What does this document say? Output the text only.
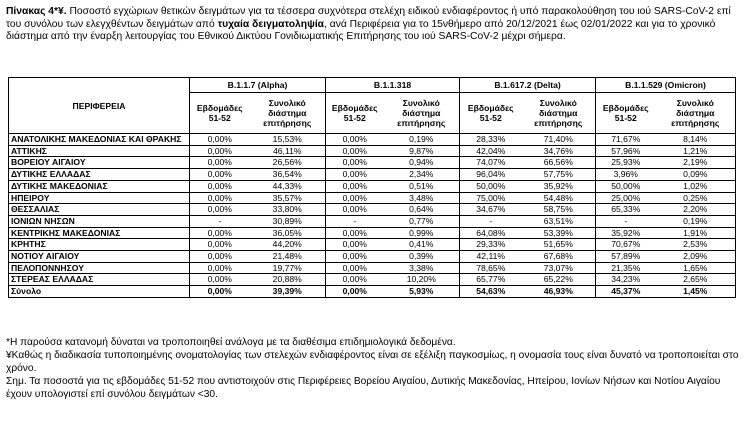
Πίνακας 4*¥. Ποσοστό εγχώριων θετικών δειγμάτων για τα τέσσερα συχνότερα στελέχη ειδικού ενδιαφέροντος ή υπό παρακολούθηση του ιού SARS-CoV-2 επί του συνόλου των ελεγχθέντων δειγμάτων από τυχαία δειγματοληψία, ανά Περιφέρεια για το 15νθήμερο από 20/12/2021 έως 02/01/2022 και για το χρονικό διάστημα από την έναρξη λειτουργίας του Εθνικού Δικτύου Γονιδιωματικής Επιτήρησης του ιού SARS-CoV-2 μέχρι σήμερα.
ΠΕΡΙΦΕΡΕΙΑ	B.1.1.7 (Alpha)		B.1.1.318		B.1.617.2 (Delta)		B.1.1.529 (Omicron)	
	Εβδομάδες 51-52	Συνολικό διάστημα επιτήρησης	Εβδομάδες 51-52	Συνολικό διάστημα επιτήρησης	Εβδομάδες 51-52	Συνολικό διάστημα επιτήρησης	Εβδομάδες 51-52	Συνολικό διάστημα επιτήρησης
ΑΝΑΤΟΛΙΚΗΣ ΜΑΚΕΔΟΝΙΑΣ ΚΑΙ ΘΡΑΚΗΣ	0,00%	15,53%	0,00%	0,19%	28,33%	71,40%	71,67%	8,14%
ΑΤΤΙΚΗΣ	0,00%	46,11%	0,00%	9,87%	42,04%	34,76%	57,96%	1,21%
ΒΟΡΕΙΟΥ ΑΙΓΑΙΟΥ	0,00%	26,56%	0,00%	0,94%	74,07%	66,56%	25,93%	2,19%
ΔΥΤΙΚΗΣ ΕΛΛΑΔΑΣ	0,00%	36,54%	0,00%	2,34%	96,04%	57,75%	3,96%	0,09%
ΔΥΤΙΚΗΣ ΜΑΚΕΔΟΝΙΑΣ	0,00%	44,33%	0,00%	0,51%	50,00%	35,92%	50,00%	1,02%
ΗΠΕΙΡΟΥ	0,00%	35,57%	0,00%	3,48%	75,00%	54,48%	25,00%	0,25%
ΘΕΣΣΑΛΙΑΣ	0,00%	33,80%	0,00%	0,64%	34,67%	58,75%	65,33%	2,20%
ΙΟΝΙΩΝ ΝΗΣΩΝ	-	30,89%	-	0,77%	-	63,51%	-	0,19%
ΚΕΝΤΡΙΚΗΣ ΜΑΚΕΔΟΝΙΑΣ	0,00%	36,05%	0,00%	0,99%	64,08%	53,39%	35,92%	1,91%
ΚΡΗΤΗΣ	0,00%	44,20%	0,00%	0,41%	29,33%	51,65%	70,67%	2,53%
ΝΟΤΙΟΥ ΑΙΓΑΙΟΥ	0,00%	21,48%	0,00%	0,39%	42,11%	67,68%	57,89%	2,09%
ΠΕΛΟΠΟΝΝΗΣΟΥ	0,00%	19,77%	0,00%	3,38%	78,65%	73,07%	21,35%	1,65%
ΣΤΕΡΕΑΣ ΕΛΛΑΔΑΣ	0,00%	20,88%	0,00%	10,20%	65,77%	65,22%	34,23%	2,65%
Σύνολο	0,00%	39,39%	0,00%	5,93%	54,63%	46,93%	45,37%	1,45%
*Η παρούσα κατανομή δύναται να τροποποιηθεί ανάλογα με τα διαθέσιμα επιδημιολογικά δεδομένα.
¥Καθώς η διαδικασία τυποποιημένης ονοματολογίας των στελεχών ενδιαφέροντος είναι σε εξέλιξη παγκοσμίως, η ονομασία τους είναι δυνατό να τροποποιείται στο χρόνο.
Σημ. Τα ποσοστά για τις εβδομάδες 51-52 που αντιστοιχούν στις Περιφέρειες Βορείου Αιγαίου, Δυτικής Μακεδονίας, Ηπείρου, Ιονίων Νήσων και Νοτίου Αιγαίου έχουν υπολογιστεί επί συνόλου δειγμάτων <30.
